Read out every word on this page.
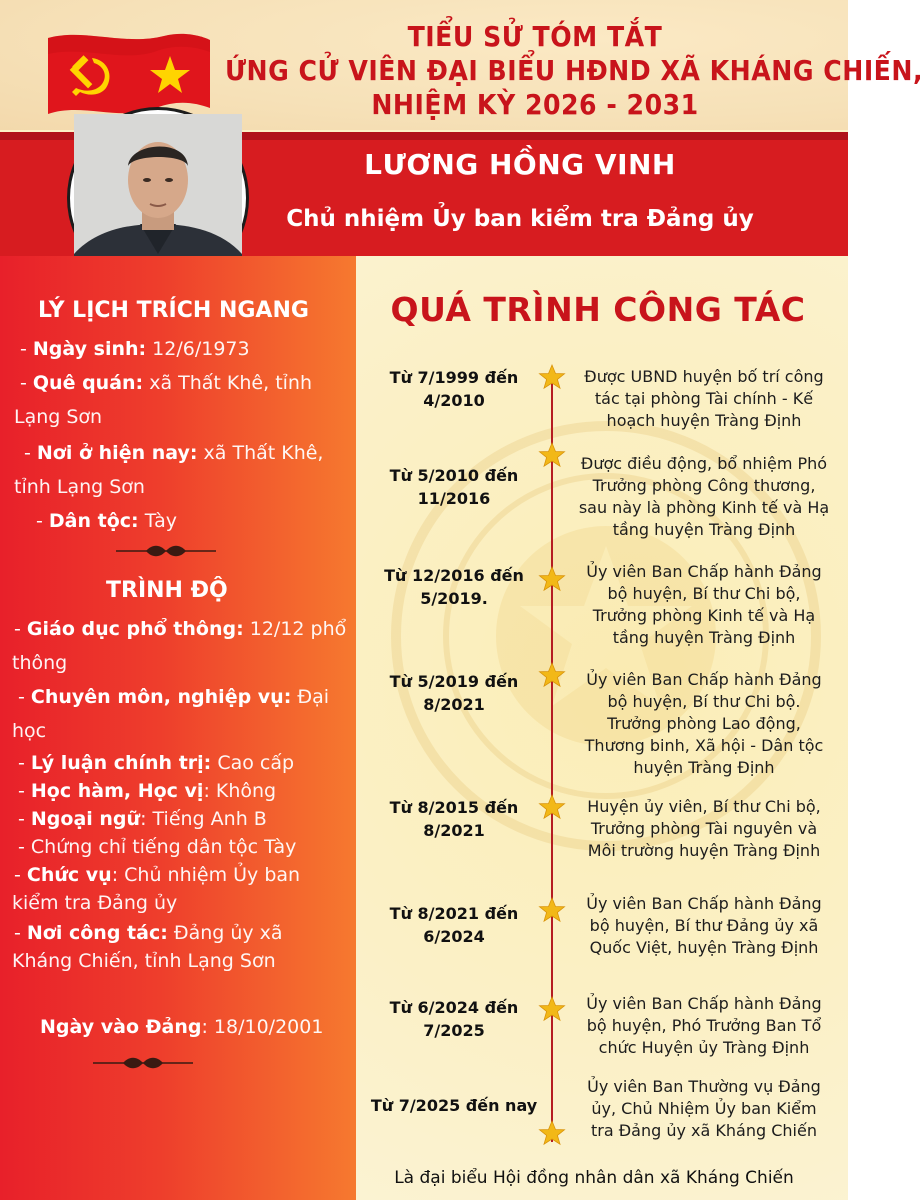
TIỂU SỬ TÓM TẮT
ỨNG CỬ VIÊN ĐẠI BIỂU HĐND XÃ KHÁNG CHIẾN,
NHIỆM KỲ 2026 - 2031
LƯƠNG HỒNG VINH
Chủ nhiệm Ủy ban kiểm tra Đảng ủy
LÝ LỊCH TRÍCH NGANG
- Ngày sinh: 12/6/1973
- Quê quán: xã Thất Khê, tỉnh
Lạng Sơn
- Nơi ở hiện nay: xã Thất Khê,
tỉnh Lạng Sơn
- Dân tộc: Tày
TRÌNH ĐỘ
- Giáo dục phổ thông: 12/12 phổ
thông
- Chuyên môn, nghiệp vụ: Đại
học
- Lý luận chính trị: Cao cấp
- Học hàm, Học vị: Không
- Ngoại ngữ: Tiếng Anh B
- Chứng chỉ tiếng dân tộc Tày
- Chức vụ: Chủ nhiệm Ủy ban
kiểm tra Đảng ủy
- Nơi công tác: Đảng ủy xã
Kháng Chiến, tỉnh Lạng Sơn
Ngày vào Đảng: 18/10/2001
QUÁ TRÌNH CÔNG TÁC
Từ 7/1999 đến
4/2010
Được UBND huyện bố trí công
tác tại phòng Tài chính - Kế
hoạch huyện Tràng Định
Từ 5/2010 đến
11/2016
Được điều động, bổ nhiệm Phó
Trưởng phòng Công thương,
sau này là phòng Kinh tế và Hạ
tầng huyện Tràng Định
Từ 12/2016 đến
5/2019.
Ủy viên Ban Chấp hành Đảng
bộ huyện, Bí thư Chi bộ,
Trưởng phòng Kinh tế và Hạ
tầng huyện Tràng Định
Từ 5/2019 đến
8/2021
Ủy viên Ban Chấp hành Đảng
bộ huyện, Bí thư Chi bộ.
Trưởng phòng Lao động,
Thương binh, Xã hội - Dân tộc
huyện Tràng Định
Từ 8/2015 đến
8/2021
Huyện ủy viên, Bí thư Chi bộ,
Trưởng phòng Tài nguyên và
Môi trường huyện Tràng Định
Từ 8/2021 đến
6/2024
Ủy viên Ban Chấp hành Đảng
bộ huyện, Bí thư Đảng ủy xã
Quốc Việt, huyện Tràng Định
Từ 6/2024 đến
7/2025
Ủy viên Ban Chấp hành Đảng
bộ huyện, Phó Trưởng Ban Tổ
chức Huyện ủy Tràng Định
Từ 7/2025 đến nay
Ủy viên Ban Thường vụ Đảng
ủy, Chủ Nhiệm Ủy ban Kiểm
tra Đảng ủy xã Kháng Chiến
Là đại biểu Hội đồng nhân dân xã Kháng Chiến
